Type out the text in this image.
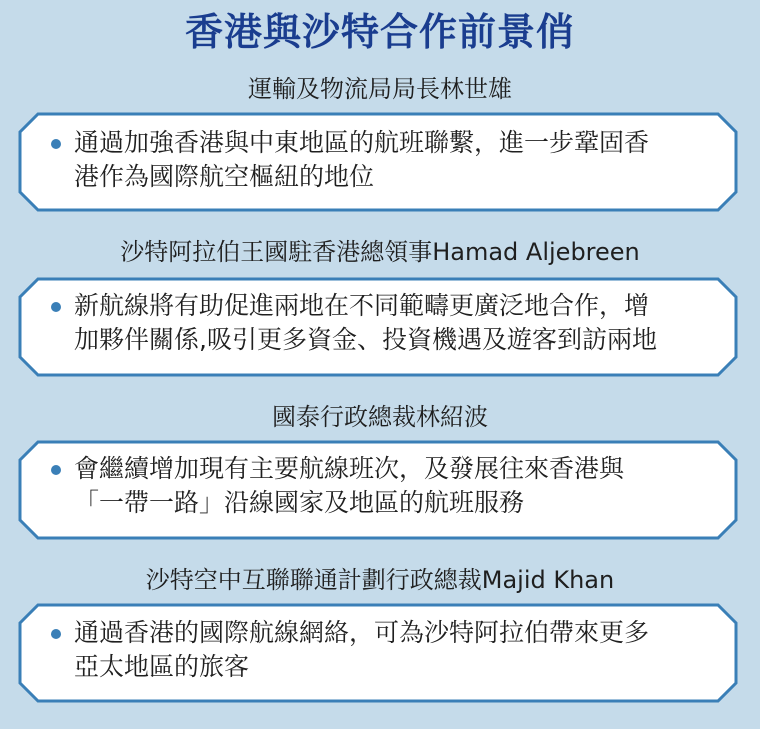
香港與沙特合作前景俏
運輸及物流局局長林世雄
通過加強香港與中東地區的航班聯繫，進一步鞏固香
港作為國際航空樞紐的地位
沙特阿拉伯王國駐香港總領事Hamad Aljebreen
新航線將有助促進兩地在不同範疇更廣泛地合作，增
加夥伴關係,吸引更多資金、投資機遇及遊客到訪兩地
國泰行政總裁林紹波
會繼續增加現有主要航線班次，及發展往來香港與
「一帶一路」沿線國家及地區的航班服務
沙特空中互聯聯通計劃行政總裁Majid Khan
通過香港的國際航線網絡，可為沙特阿拉伯帶來更多
亞太地區的旅客
